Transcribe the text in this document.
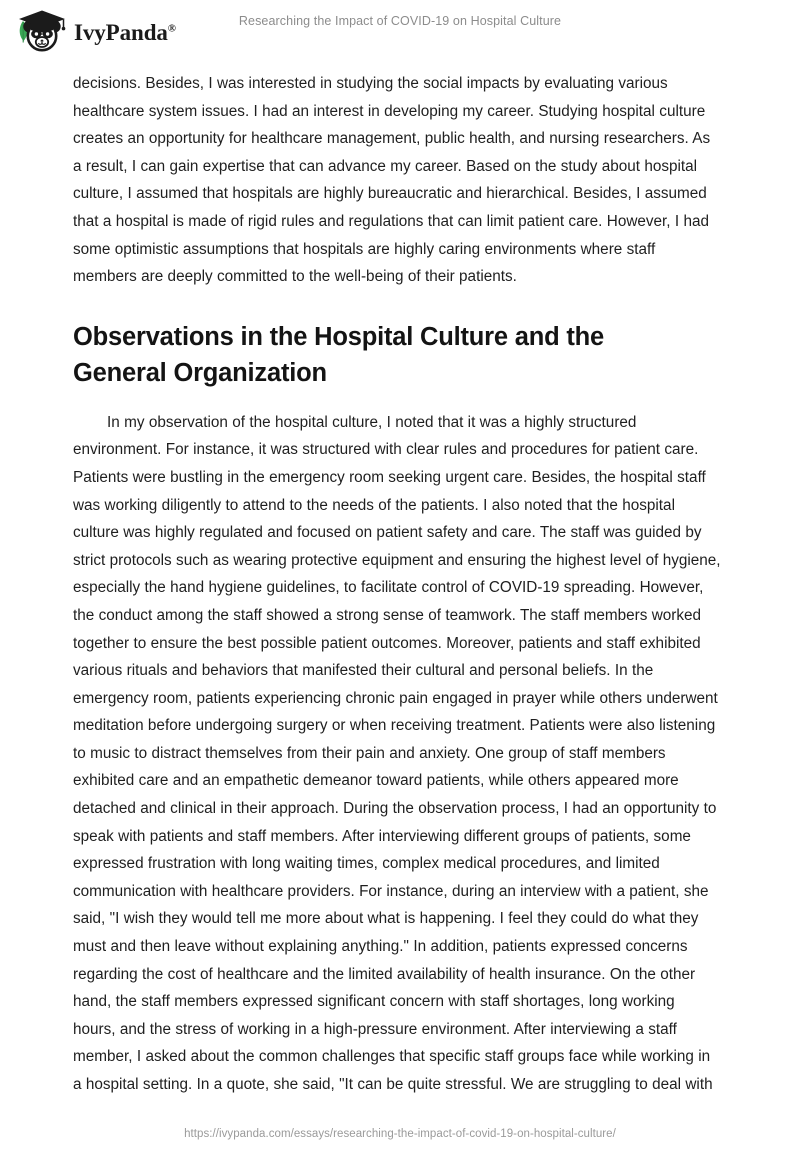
IvyPanda®	Researching the Impact of COVID-19 on Hospital Culture

decisions. Besides, I was interested in studying the social impacts by evaluating various healthcare system issues. I had an interest in developing my career. Studying hospital culture creates an opportunity for healthcare management, public health, and nursing researchers. As a result, I can gain expertise that can advance my career. Based on the study about hospital culture, I assumed that hospitals are highly bureaucratic and hierarchical. Besides, I assumed that a hospital is made of rigid rules and regulations that can limit patient care. However, I had some optimistic assumptions that hospitals are highly caring environments where staff members are deeply committed to the well-being of their patients.

Observations in the Hospital Culture and the General Organization

In my observation of the hospital culture, I noted that it was a highly structured environment. For instance, it was structured with clear rules and procedures for patient care. Patients were bustling in the emergency room seeking urgent care. Besides, the hospital staff was working diligently to attend to the needs of the patients. I also noted that the hospital culture was highly regulated and focused on patient safety and care. The staff was guided by strict protocols such as wearing protective equipment and ensuring the highest level of hygiene, especially the hand hygiene guidelines, to facilitate control of COVID-19 spreading. However, the conduct among the staff showed a strong sense of teamwork. The staff members worked together to ensure the best possible patient outcomes. Moreover, patients and staff exhibited various rituals and behaviors that manifested their cultural and personal beliefs. In the emergency room, patients experiencing chronic pain engaged in prayer while others underwent meditation before undergoing surgery or when receiving treatment. Patients were also listening to music to distract themselves from their pain and anxiety. One group of staff members exhibited care and an empathetic demeanor toward patients, while others appeared more detached and clinical in their approach. During the observation process, I had an opportunity to speak with patients and staff members. After interviewing different groups of patients, some expressed frustration with long waiting times, complex medical procedures, and limited communication with healthcare providers. For instance, during an interview with a patient, she said, "I wish they would tell me more about what is happening. I feel they could do what they must and then leave without explaining anything." In addition, patients expressed concerns regarding the cost of healthcare and the limited availability of health insurance. On the other hand, the staff members expressed significant concern with staff shortages, long working hours, and the stress of working in a high-pressure environment. After interviewing a staff member, I asked about the common challenges that specific staff groups face while working in a hospital setting. In a quote, she said, "It can be quite stressful. We are struggling to deal with

https://ivypanda.com/essays/researching-the-impact-of-covid-19-on-hospital-culture/
